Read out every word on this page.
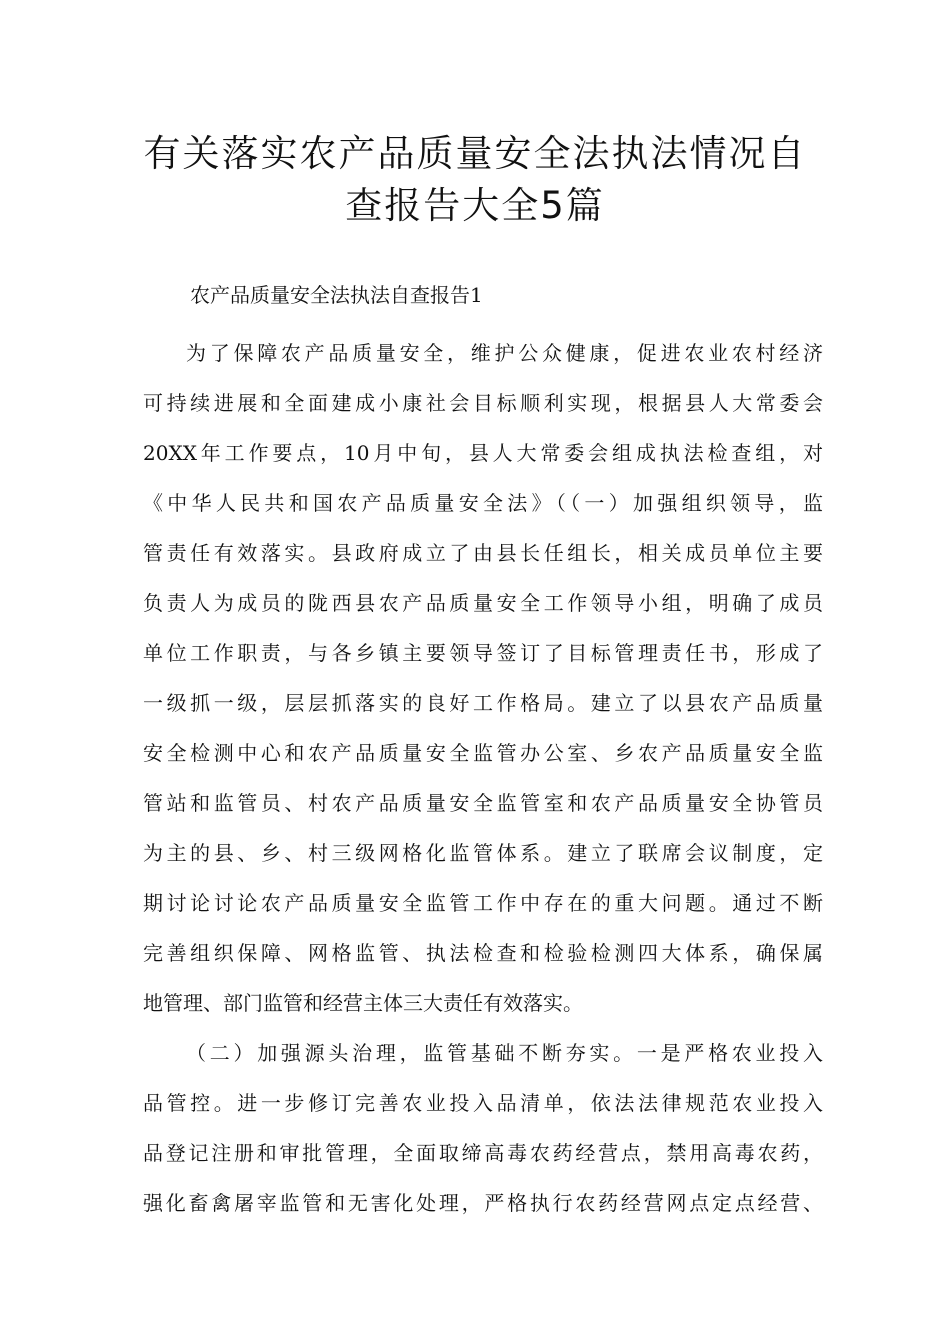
有关落实农产品质量安全法执法情况自
查报告大全5篇

农产品质量安全法执法自查报告1

为了保障农产品质量安全，维护公众健康，促进农业农村经济
可持续进展和全面建成小康社会目标顺利实现，根据县人大常委会
20XX年工作要点，10月中旬，县人大常委会组成执法检查组，对
《中华人民共和国农产品质量安全法》（（一）加强组织领导，监
管责任有效落实。县政府成立了由县长任组长，相关成员单位主要
负责人为成员的陇西县农产品质量安全工作领导小组，明确了成员
单位工作职责，与各乡镇主要领导签订了目标管理责任书，形成了
一级抓一级，层层抓落实的良好工作格局。建立了以县农产品质量
安全检测中心和农产品质量安全监管办公室、乡农产品质量安全监
管站和监管员、村农产品质量安全监管室和农产品质量安全协管员
为主的县、乡、村三级网格化监管体系。建立了联席会议制度，定
期讨论讨论农产品质量安全监管工作中存在的重大问题。通过不断
完善组织保障、网格监管、执法检查和检验检测四大体系，确保属
地管理、部门监管和经营主体三大责任有效落实。
（二）加强源头治理，监管基础不断夯实。一是严格农业投入
品管控。进一步修订完善农业投入品清单，依法法律规范农业投入
品登记注册和审批管理，全面取缔高毒农药经营点，禁用高毒农药，
强化畜禽屠宰监管和无害化处理，严格执行农药经营网点定点经营、
